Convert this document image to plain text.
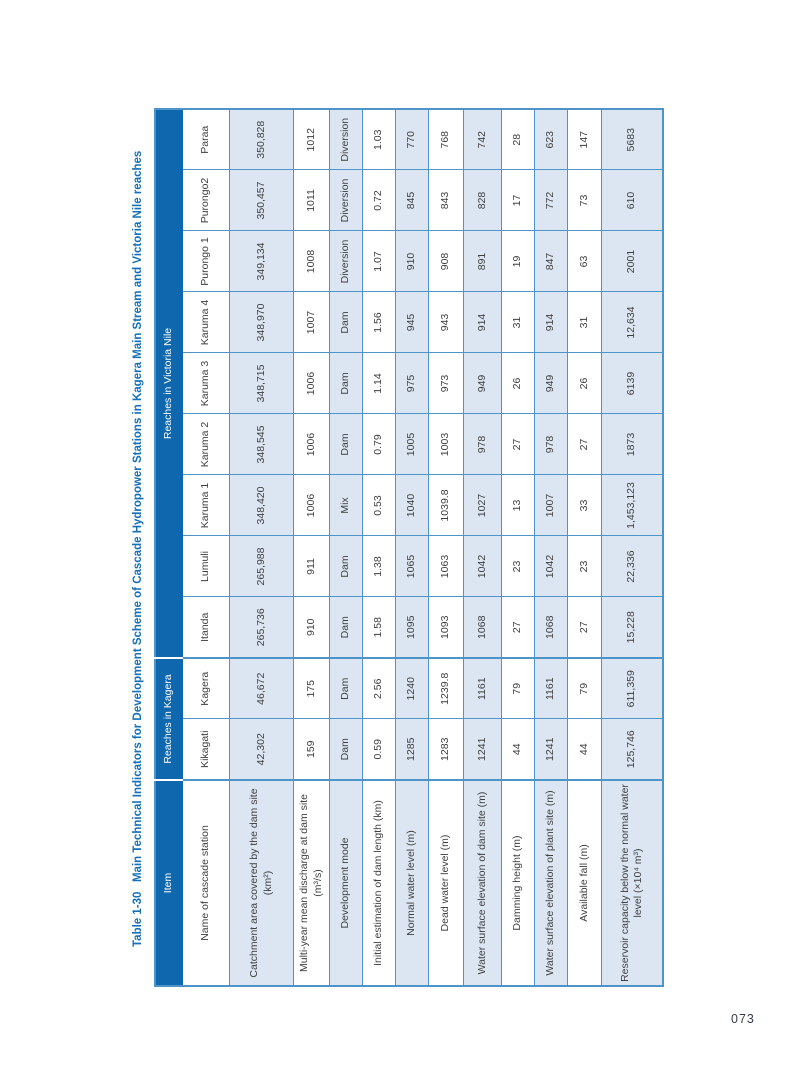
Table 1-30   Main Technical Indicators for Development Scheme of Cascade Hydropower Stations in Kagera Main Stream and Victoria Nile reaches	Item	Reaches in Kagera		Reaches in Victoria Nile								
Name of cascade station	Kikagati	Kagera	Itanda	Lumuli	Karuma 1	Karuma 2	Karuma 3	Karuma 4	Purongo 1	Purongo2	Paraa
Catchment area covered by the dam site (km²)	42,302	46,672	265,736	265,988	348,420	348,545	348,715	348,970	349,134	350,457	350,828
Multi-year mean discharge at dam site (m³/s)	159	175	910	911	1006	1006	1006	1007	1008	1011	1012
Development mode	Dam	Dam	Dam	Dam	Mix	Dam	Dam	Dam	Diversion	Diversion	Diversion
Initial estimation of dam length (km)	0.59	2.56	1.58	1.38	0.53	0.79	1.14	1.56	1.07	0.72	1.03
Normal water level (m)	1285	1240	1095	1065	1040	1005	975	945	910	845	770
Dead water level (m)	1283	1239.8	1093	1063	1039.8	1003	973	943	908	843	768
Water surface elevation of dam site (m)	1241	1161	1068	1042	1027	978	949	914	891	828	742
Damming height (m)	44	79	27	23	13	27	26	31	19	17	28
Water surface elevation of plant site (m)	1241	1161	1068	1042	1007	978	949	914	847	772	623
Available fall (m)	44	79	27	23	33	27	26	31	63	73	147
Reservoir capacity below the normal water level (×10⁴ m³)	125,746	611,359	15,228	22,336	1,453,123	1873	6139	12,634	2001	610	5683
073
